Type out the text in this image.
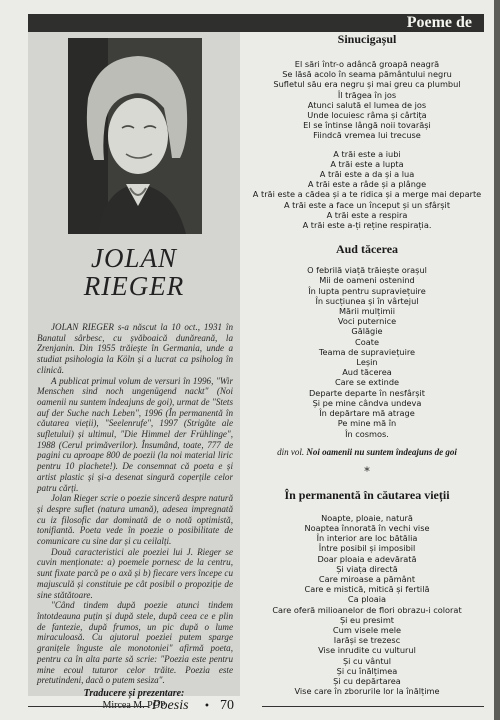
Poeme de
JOLAN
RIEGER

JOLAN RIEGER s-a născut la 10 oct., 1931 în Banatul sârbesc, cu șvăboaică dunăreană, la Zrenjanin. Din 1955 trăiește în Germania, unde a studiat psihologia la Köln și a lucrat ca psiholog în clinică.

A publicat primul volum de versuri în 1996, "Wir Menschen sind noch ungenügend nackt" (Noi oamenii nu suntem îndeajuns de goi), urmat de "Stets auf der Suche nach Leben", 1996 (În permanentă în căutarea vieții), "Seelenrufe", 1997 (Strigăte ale sufletului) și ultimul, "Die Himmel der Frühlinge", 1988 (Cerul primăverilor). Însumând, toate, 777 de pagini cu aproape 800 de poezii (la noi material liric pentru 10 plachete!). De consemnat că poeta e și artist plastic și și-a desenat singură coperțile celor patru cărți.

Jolan Rieger scrie o poezie sinceră despre natură și despre suflet (natura umană), adesea impregnată cu iz filosofic dar dominată de o notă optimistă, tonifiantă. Poeta vede în poezie o posibilitate de comunicare cu sine dar și cu ceilalți.

Două caracteristici ale poeziei lui J. Rieger se cuvin menționate: a) poemele pornesc de la centru, sunt fixate parcă pe o axă și b) fiecare vers începe cu majusculă și constituie pe cât posibil o propoziție de sine stătătoare.

"Când tindem după poezie atunci tindem întotdeauna puțin și după stele, după ceea ce e plin de fantezie, după frumos, un pic după o lume miraculoasă. Cu ajutorul poeziei putem sparge granițele înguste ale monotoniei" afirmă poeta, pentru ca în alta parte să scrie: "Poezia este pentru mine ecoul tuturor celor trăite. Poezia este pretutindeni, dacă o putem sesiza".

Traducere și prezentare:
Mircea M. POP
Sinucigașul
El sări într-o adâncă groapă neagră
Se lăsă acolo în seama pământului negru
Sufletul său era negru și mai greu ca plumbul
Îl trăgea în jos
Atunci salută el lumea de jos
Unde locuiesc râma și cârtița
El se întinse lângă noii tovarăși
Fiindcă vremea lui trecuse
A trăi este a iubi
A trăi este a lupta
A trăi este a da și a lua
A trăi este a râde și a plânge
A trăi este a cădea și a te ridica și a merge mai departe
A trăi este a face un început și un sfârșit
A trăi este a respira
A trăi este a-ți reține respirația.
Aud tăcerea
O febrilă viață trăiește orașul
Mii de oameni ostenind
În lupta pentru supraviețuire
În sucțiunea și în vârtejul
Mării mulțimii
Voci puternice
Gălăgie
Coate
Teama de supraviețuire
Leșin
Aud tăcerea
Care se extinde
Departe departe în nesfârșit
Și pe mine cândva undeva
În depărtare mă atrage
Pe mine mă în
În cosmos.
din vol. Noi oamenii nu suntem îndeajuns de goi
*
În permanentă în căutarea vieții
Noapte, ploaie, natură
Noaptea înnorată în vechi vise
În interior are loc bătălia
Între posibil și imposibil
Doar ploaia e adevărată
Și viața directă
Care miroase a pământ
Care e mistică, mitică și fertilă
Ca ploaia
Care oferă milioanelor de flori obrazu-i colorat
Și eu presimt
Cum visele mele
Iarăși se trezesc
Vise inrudite cu vulturul
Și cu vântul
Și cu înălțimea
Și cu depărtarea
Vise care în zborurile lor la înălțime
Poesis • 70
